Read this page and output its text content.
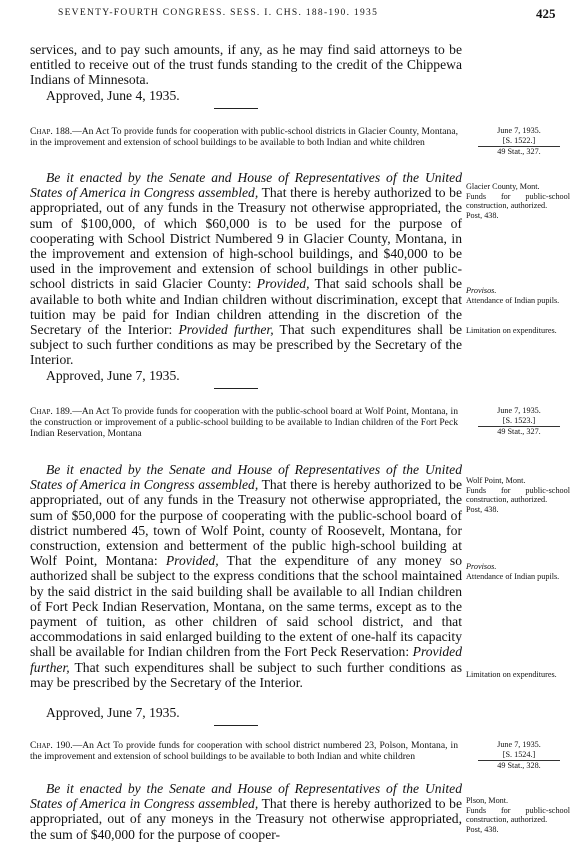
SEVENTY-FOURTH CONGRESS. SESS. I. CHS. 188-190. 1935	425

services, and to pay such amounts, if any, as he may find said attorneys to be entitled to receive out of the trust funds standing to the credit of the Chippewa Indians of Minnesota.

Approved, June 4, 1935.
Chap. 188.—An Act To provide funds for cooperation with public-school districts in Glacier County, Montana, in the improvement and extension of school buildings to be available to both Indian and white children
June 7, 1935.
[S. 1522.]
49 Stat., 327.

Be it enacted by the Senate and House of Representatives of the United States of America in Congress assembled, That there is hereby authorized to be appropriated, out of any funds in the Treasury not otherwise appropriated, the sum of $100,000, of which $60,000 is to be used for the purpose of cooperating with School District Numbered 9 in Glacier County, Montana, in the improvement and extension of high-school buildings, and $40,000 to be used in the improvement and extension of school buildings in other public-school districts in said Glacier County: Provided, That said schools shall be available to both white and Indian children without discrimination, except that tuition may be paid for Indian children attending in the discretion of the Secretary of the Interior: Provided further, That such expenditures shall be subject to such further conditions as may be prescribed by the Secretary of the Interior.

Approved, June 7, 1935.
Glacier County, Mont.
Funds for public-school construction, authorized.
Post, 438.
Provisos.
Attendance of Indian pupils.
Limitation on expenditures.
Chap. 189.—An Act To provide funds for cooperation with the public-school board at Wolf Point, Montana, in the construction or improvement of a public-school building to be available to Indian children of the Fort Peck Indian Reservation, Montana
June 7, 1935.
[S. 1523.]
49 Stat., 327.

Be it enacted by the Senate and House of Representatives of the United States of America in Congress assembled, That there is hereby authorized to be appropriated, out of any funds in the Treasury not otherwise appropriated, the sum of $50,000 for the purpose of cooperating with the public-school board of district numbered 45, town of Wolf Point, county of Roosevelt, Montana, for construction, extension and betterment of the public high-school building at Wolf Point, Montana: Provided, That the expenditure of any money so authorized shall be subject to the express conditions that the school maintained by the said district in the said building shall be available to all Indian children of Fort Peck Indian Reservation, Montana, on the same terms, except as to the payment of tuition, as other children of said school district, and that accommodations in said enlarged building to the extent of one-half its capacity shall be available for Indian children from the Fort Peck Reservation: Provided further, That such expenditures shall be subject to such further conditions as may be prescribed by the Secretary of the Interior.

Approved, June 7, 1935.
Wolf Point, Mont.
Funds for public-school construction, authorized.
Post, 438.
Provisos.
Attendance of Indian pupils.
Limitation on expenditures.
Chap. 190.—An Act To provide funds for cooperation with school district numbered 23, Polson, Montana, in the improvement and extension of school buildings to be available to both Indian and white children
June 7, 1935.
[S. 1524.]
49 Stat., 328.

Be it enacted by the Senate and House of Representatives of the United States of America in Congress assembled, That there is hereby authorized to be appropriated, out of any moneys in the Treasury not otherwise appropriated, the sum of $40,000 for the purpose of cooper-

Plson, Mont.
Funds for public-school construction, authorized.
Post, 438.
